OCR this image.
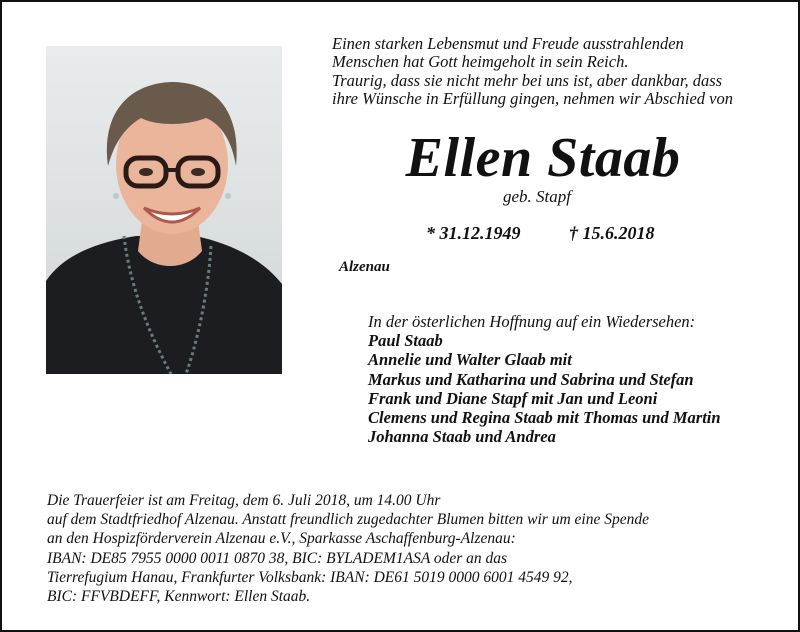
Einen starken Lebensmut und Freude ausstrahlenden
Menschen hat Gott heimgeholt in sein Reich.
Traurig, dass sie nicht mehr bei uns ist, aber dankbar, dass
ihre Wünsche in Erfüllung gingen, nehmen wir Abschied von
Ellen Staab
geb. Stapf
* 31.12.1949	† 15.6.2018
Alzenau
In der österlichen Hoffnung auf ein Wiedersehen:
Paul Staab
Annelie und Walter Glaab mit
Markus und Katharina und Sabrina und Stefan
Frank und Diane Stapf mit Jan und Leoni
Clemens und Regina Staab mit Thomas und Martin
Johanna Staab und Andrea
Die Trauerfeier ist am Freitag, dem 6. Juli 2018, um 14.00 Uhr
auf dem Stadtfriedhof Alzenau. Anstatt freundlich zugedachter Blumen bitten wir um eine Spende
an den Hospizförderverein Alzenau e.V., Sparkasse Aschaffenburg-Alzenau:
IBAN: DE85 7955 0000 0011 0870 38, BIC: BYLADEM1ASA oder an das
Tierrefugium Hanau, Frankfurter Volksbank: IBAN: DE61 5019 0000 6001 4549 92,
BIC: FFVBDEFF, Kennwort: Ellen Staab.
